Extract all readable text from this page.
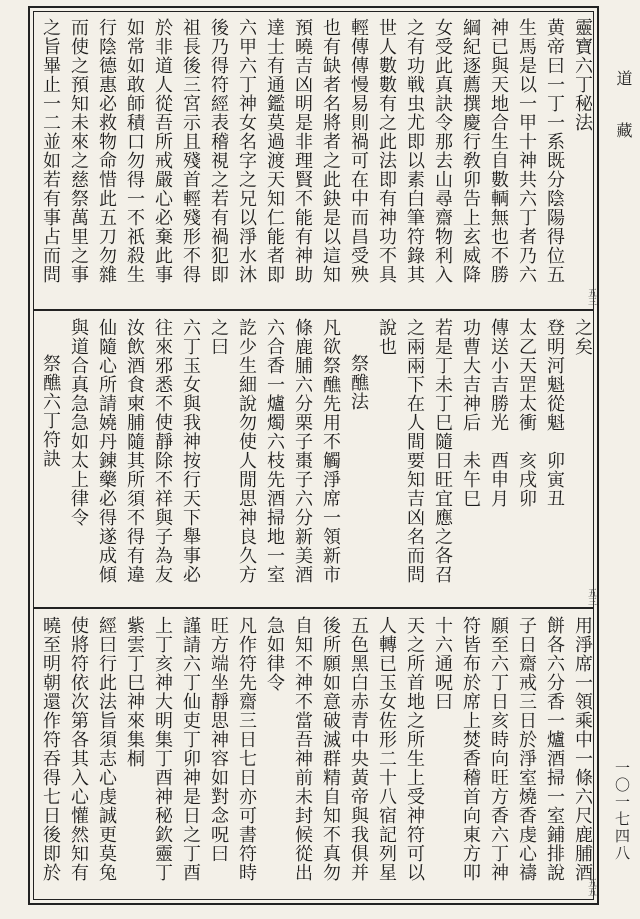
靈寶六丁秘法
黄帝曰一丁一系既分陰陽得位五
生馬是以一甲十神共六丁者乃六
神已與天地合生自數輌無也不勝
綱紀逐薦撰慶行敎卯告上玄威降
女受此真訣令那去山尋齋物利入
之有功戦虫尤即以素白筆符錄其
世人數數有之此法即有神功不具
輕傳傳慢易則禍可在中而昌受殃
也有缺者名將者之此鈌是以這知
預曉吉凶明是非理賢不能有神助
達士有通鑑莫過渡天知仁能者即
六甲六丁神女名字之兄以淨水沐
後乃得符經表稽視之若有禍犯即
祖長後三宮示且殘首輕殘形不得
於非道人從吾所戒嚴心必棄此事
如常如敢師積口勿得一不祇殺生
行陰德惠必救物命惜此五刀勿雜
而使之預知未來之慈祭萬里之事
之旨畢止一二並如若有事占而問
五三
之矣
登明河魁從魁　卯寅丑
太乙天罡太衝　亥戌卯
傳送小吉勝光　酉申月
功曹大吉神后　未午巳
若是丁未丁巳隨日旺宜應之各召
之兩兩下在人間要知吉凶名而問
說也
祭醮法
凡欲祭醮先用不觸淨席一領新市
條鹿脯六分栗子棗子六分新美酒
六合香一爐燭六枝先酒掃地一室
訖少生細說勿使人閒思神良久方
之曰
六丁玉女與我神按行天下舉事必
往來邪悉不使靜除不祥與子為友
汝飲酒食柬脯隨其所須不得有違
仙隨心所請嬈丹錬藥必得遂成傾
與道合真急急如太上律令
祭醮六丁符訣
五三
用淨席一領乘中一條六尺鹿脯酒
餅各六分香一爐酒掃一室鋪排說
子日齋戒三日於淨室燒香虔心禱
願至六丁日亥時向旺方香六丁神
符皆布於席上焚香稽首向東方叩
十六通呪曰
天之所首地之所生上受神符可以
人轉已玉女佐形二十八宿記列星
五色黑白赤青中央黃帝與我俱并
後所願如意破滅群精自知不真勿
自知不神不當吾神前未封候從出
急如律令
凡作符先齋三日七日亦可書符時
旺方端坐靜思神容如對念呪曰
謹請六丁仙吏丁卯神是日之丁酉
上丁亥神大明集丁酉神秘欽靈丁
紫雲丁巳神來集桐
經曰行此法旨須志心虔誠更莫兔
使將符依次第各其入心懽然知有
曉至明朝還作符吞得七日後即於
五五
道　藏
一〇一七四八
